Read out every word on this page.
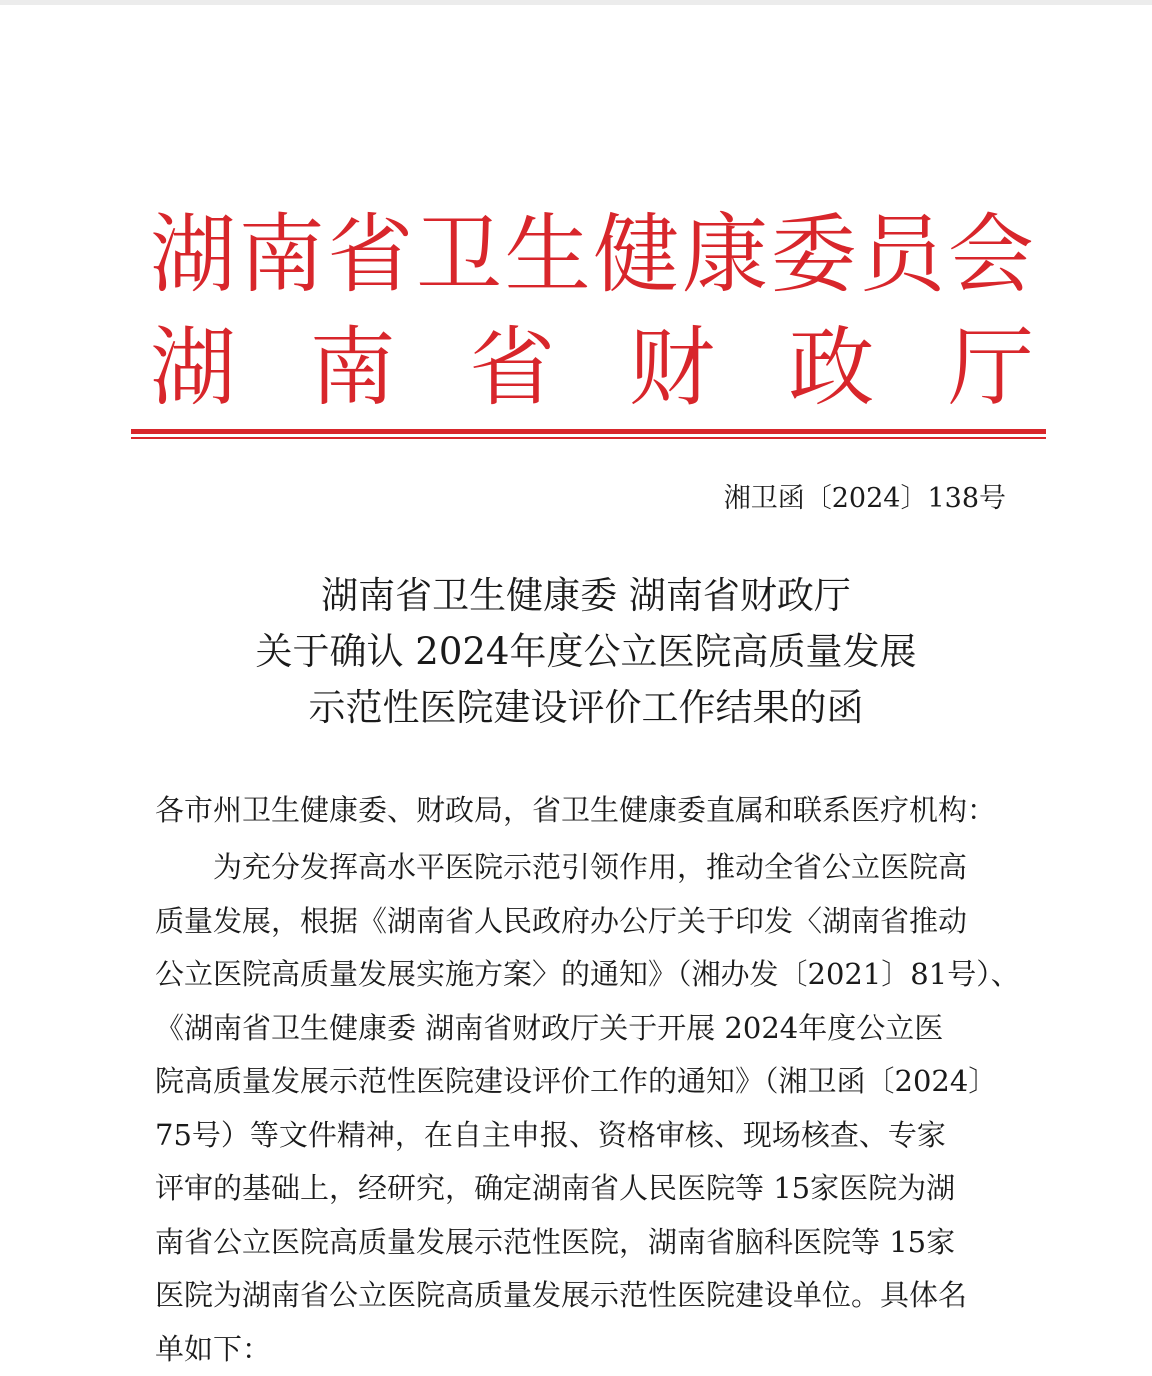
湖 南 省 卫 生 健 康 委 员 会
湖 南 省 财 政 厅
湘卫函〔2024〕138号
湖南省卫生健康委 湖南省财政厅
关于确认 2024年度公立医院高质量发展
示范性医院建设评价工作结果的函
各市州卫生健康委、财政局，省卫生健康委直属和联系医疗机构：
为充分发挥高水平医院示范引领作用，推动全省公立医院高
质量发展，根据《湖南省人民政府办公厅关于印发〈湖南省推动
公立医院高质量发展实施方案〉的通知》（湘办发〔2021〕81号）、
《湖南省卫生健康委 湖南省财政厅关于开展 2024年度公立医
院高质量发展示范性医院建设评价工作的通知》（湘卫函〔2024〕
75号）等文件精神，在自主申报、资格审核、现场核查、专家
评审的基础上，经研究，确定湖南省人民医院等 15家医院为湖
南省公立医院高质量发展示范性医院，湖南省脑科医院等 15家
医院为湖南省公立医院高质量发展示范性医院建设单位。具体名
单如下：
